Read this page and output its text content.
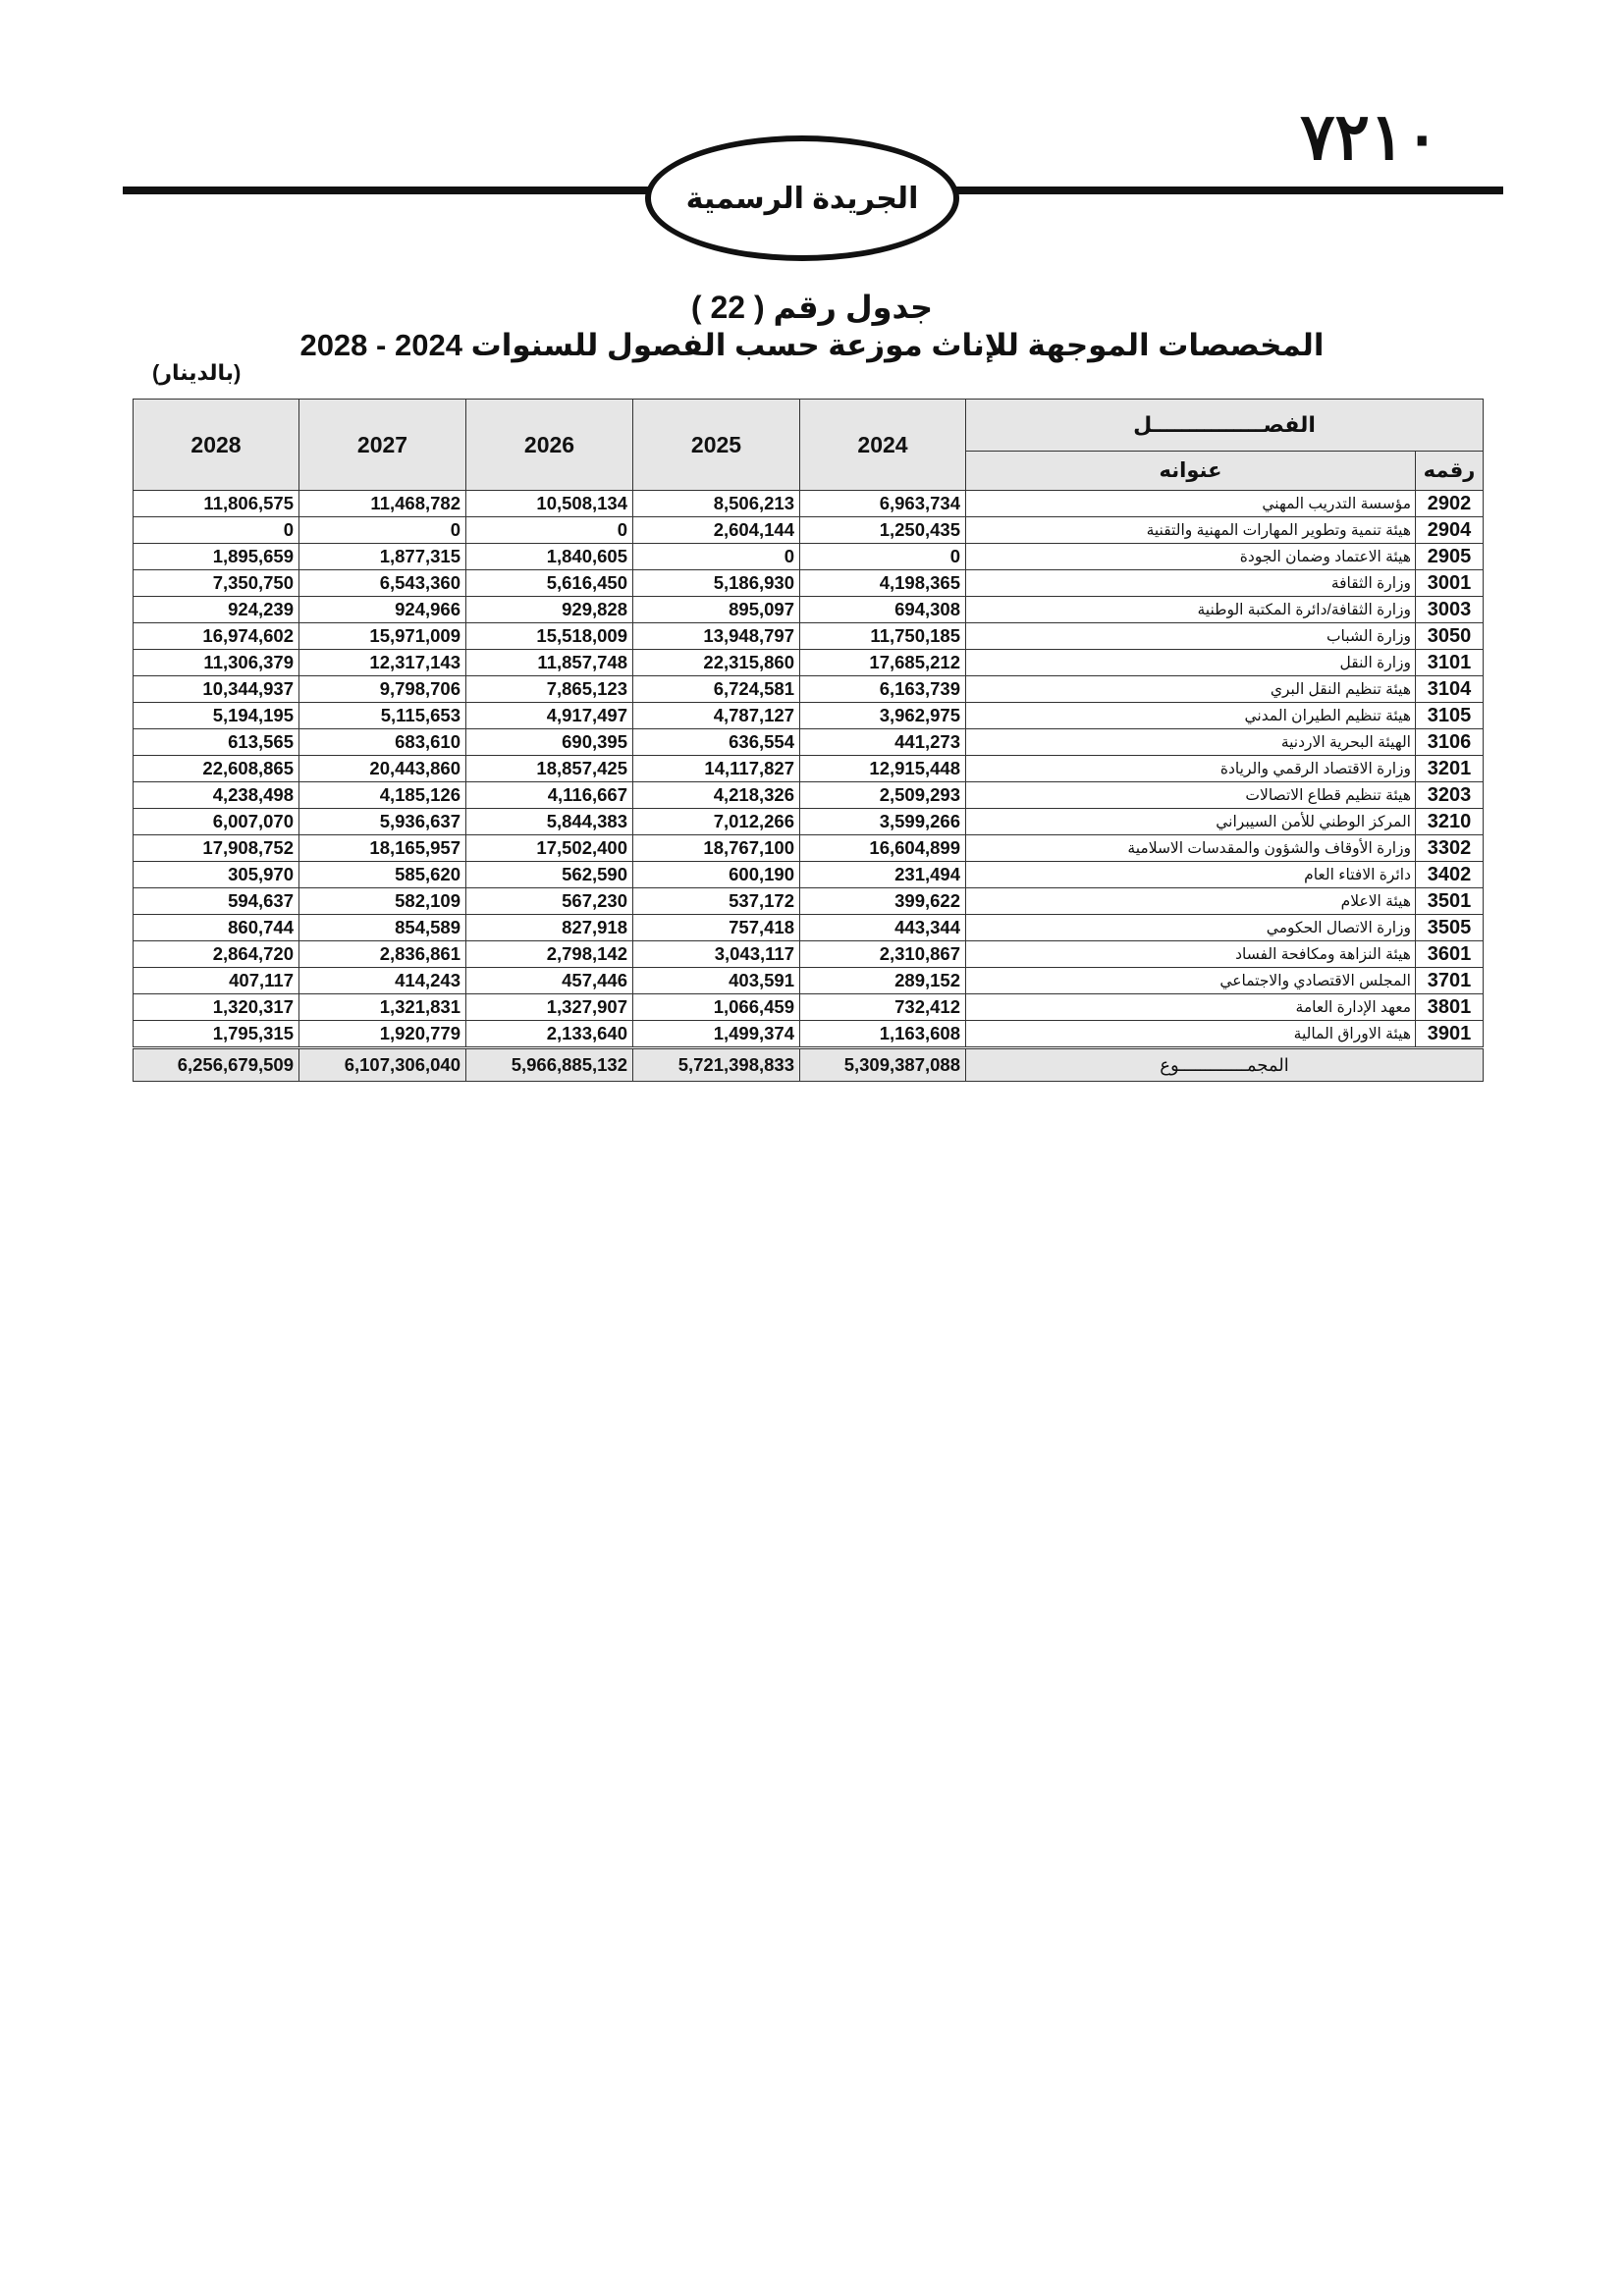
٧٢١٠
الجريدة الرسمية
جدول رقم ( 22 )
المخصصات الموجهة للإناث موزعة حسب الفصول للسنوات 2024 - 2028
(بالدينار)
2028	2027	2026	2025	2024	الفصـــــــــــــــل	
					عنوانه	رقمه
11,806,575	11,468,782	10,508,134	8,506,213	6,963,734	مؤسسة التدريب المهني	2902
0	0	0	2,604,144	1,250,435	هيئة تنمية وتطوير المهارات المهنية والتقنية	2904
1,895,659	1,877,315	1,840,605	0	0	هيئة الاعتماد وضمان الجودة	2905
7,350,750	6,543,360	5,616,450	5,186,930	4,198,365	وزارة الثقافة	3001
924,239	924,966	929,828	895,097	694,308	وزارة الثقافة/دائرة المكتبة الوطنية	3003
16,974,602	15,971,009	15,518,009	13,948,797	11,750,185	وزارة الشباب	3050
11,306,379	12,317,143	11,857,748	22,315,860	17,685,212	وزارة النقل	3101
10,344,937	9,798,706	7,865,123	6,724,581	6,163,739	هيئة تنظيم النقل البري	3104
5,194,195	5,115,653	4,917,497	4,787,127	3,962,975	هيئة تنظيم الطيران المدني	3105
613,565	683,610	690,395	636,554	441,273	الهيئة البحرية الاردنية	3106
22,608,865	20,443,860	18,857,425	14,117,827	12,915,448	وزارة الاقتصاد الرقمي والريادة	3201
4,238,498	4,185,126	4,116,667	4,218,326	2,509,293	هيئة تنظيم قطاع الاتصالات	3203
6,007,070	5,936,637	5,844,383	7,012,266	3,599,266	المركز الوطني للأمن السيبراني	3210
17,908,752	18,165,957	17,502,400	18,767,100	16,604,899	وزارة الأوقاف والشؤون والمقدسات الاسلامية	3302
305,970	585,620	562,590	600,190	231,494	دائرة الافتاء العام	3402
594,637	582,109	567,230	537,172	399,622	هيئة الاعلام	3501
860,744	854,589	827,918	757,418	443,344	وزارة الاتصال الحكومي	3505
2,864,720	2,836,861	2,798,142	3,043,117	2,310,867	هيئة النزاهة ومكافحة الفساد	3601
407,117	414,243	457,446	403,591	289,152	المجلس الاقتصادي والاجتماعي	3701
1,320,317	1,321,831	1,327,907	1,066,459	732,412	معهد الإدارة العامة	3801
1,795,315	1,920,779	2,133,640	1,499,374	1,163,608	هيئة الاوراق المالية	3901
6,256,679,509	6,107,306,040	5,966,885,132	5,721,398,833	5,309,387,088	المجمـــــــــــــوع	
